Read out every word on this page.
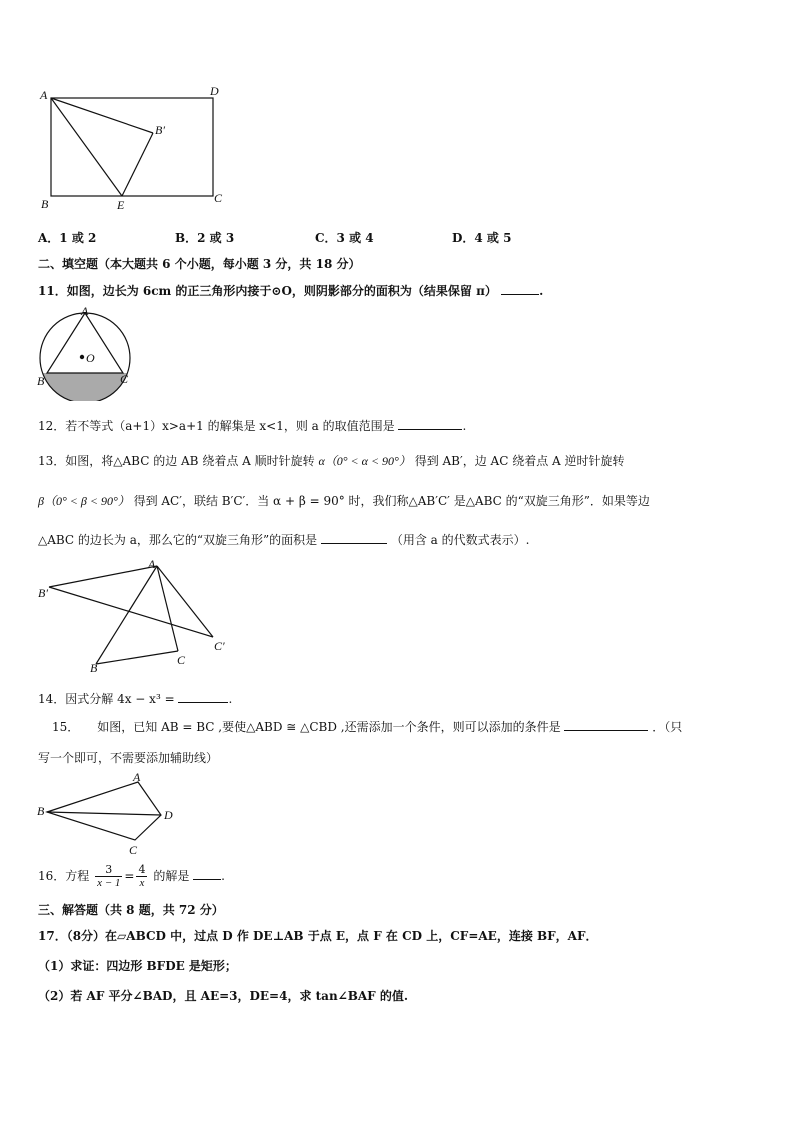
A	D
B′
B	E	C
A．1 或 2	B．2 或 3	C．3 或 4	D．4 或 5
二、填空题（本大题共 6 个小题，每小题 3 分，共 18 分）
11．如图，边长为 6cm 的正三角形内接于⊙O，则阴影部分的面积为（结果保留 π）	.
A
O
B	C
12．若不等式（a+1）x>a+1 的解集是 x<1，则 a 的取值范围是	.
13．如图，将△ABC 的边 AB 绕着点 A 顺时针旋转 α（0° < α < 90°） 得到 AB′，边 AC 绕着点 A 逆时针旋转
β（0° < β < 90°） 得到 AC′，联结 B′C′．当 α + β = 90° 时，我们称△AB′C′ 是△ABC 的“双旋三角形”．如果等边
△ABC 的边长为 a，那么它的“双旋三角形”的面积是	（用含 a 的代数式表示）.
A
B′
C′
B
C
14．因式分解 4x − x³ =	.
15．　　如图，已知 AB = BC ,要使△ABD ≅ △CBD ,还需添加一个条件，则可以添加的条件是	．（只
写一个即可，不需要添加辅助线）
A
B	D
C
16．方程 $\frac{3}{x - 1} = \frac{4}{x}$ 的解是	.
三、解答题（共 8 题，共 72 分）
17．（8分）在▱ABCD 中，过点 D 作 DE⊥AB 于点 E，点 F 在 CD 上，CF=AE，连接 BF，AF．
（1）求证：四边形 BFDE 是矩形；
（2）若 AF 平分∠BAD，且 AE=3，DE=4，求 tan∠BAF 的值.
